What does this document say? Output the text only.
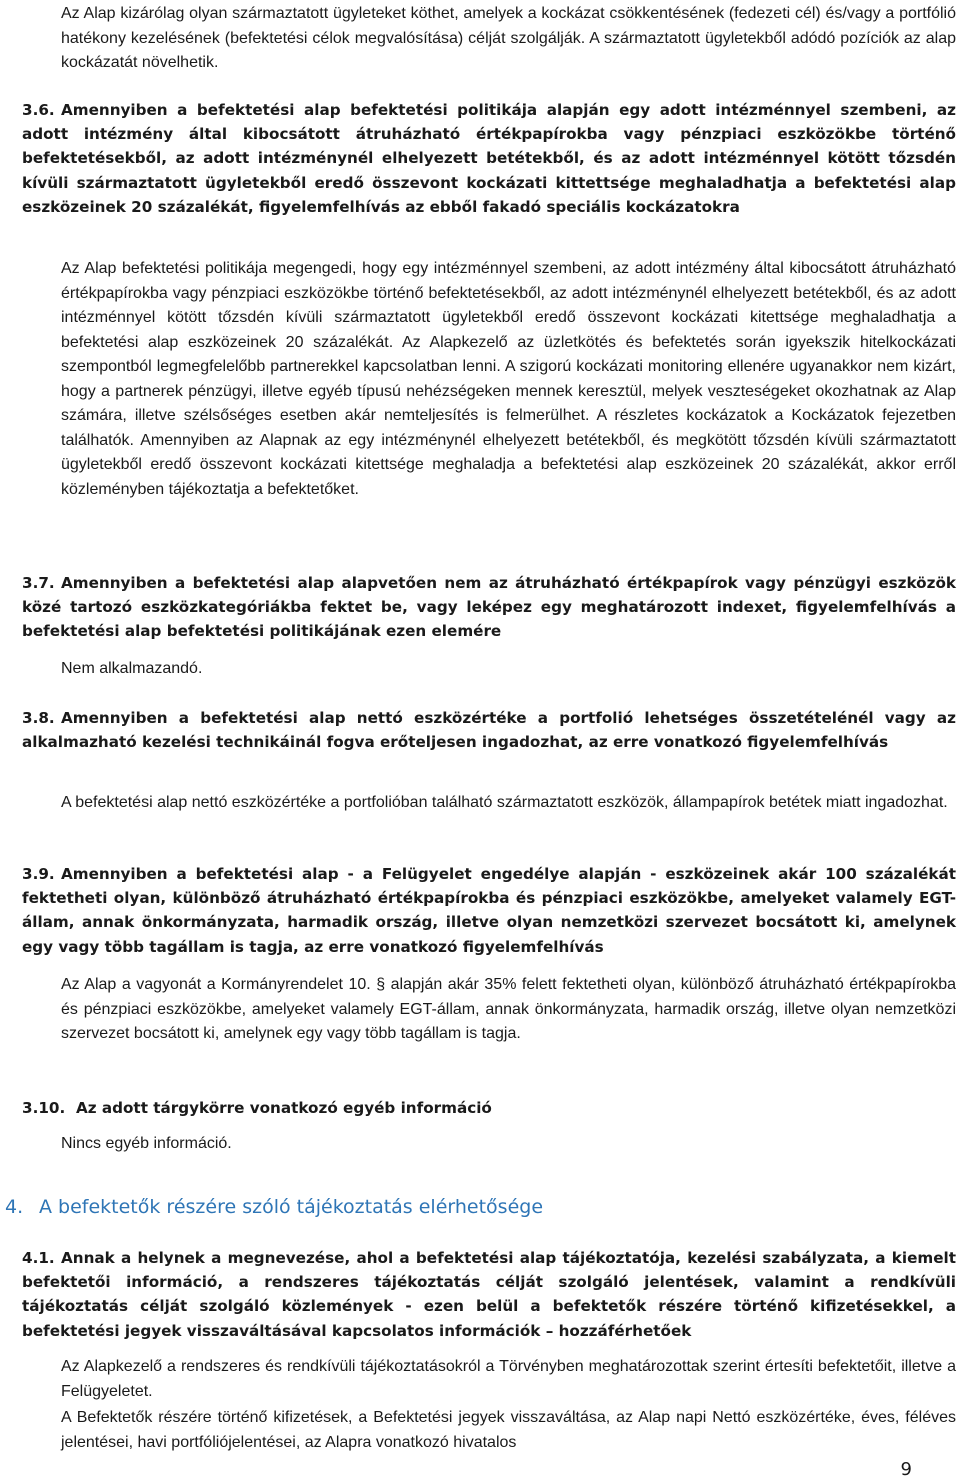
Az Alap kizárólag olyan származtatott ügyleteket köthet, amelyek a kockázat csökkentésének (fedezeti cél) és/vagy a portfólió hatékony kezelésének (befektetési célok megvalósítása) célját szolgálják. A származtatott ügyletekből adódó pozíciók az alap kockázatát növelhetik.

3.6. Amennyiben a befektetési alap befektetési politikája alapján egy adott intézménnyel szembeni, az adott intézmény által kibocsátott átruházható értékpapírokba vagy pénzpiaci eszközökbe történő befektetésekből, az adott intézménynél elhelyezett betétekből, és az adott intézménnyel kötött tőzsdén kívüli származtatott ügyletekből eredő összevont kockázati kittettsége meghaladhatja a befektetési alap eszközeinek 20 százalékát, figyelemfelhívás az ebből fakadó speciális kockázatokra

Az Alap befektetési politikája megengedi, hogy egy intézménnyel szembeni, az adott intézmény által kibocsátott átruházható értékpapírokba vagy pénzpiaci eszközökbe történő befektetésekből, az adott intézménynél elhelyezett betétekből, és az adott intézménnyel kötött tőzsdén kívüli származtatott ügyletekből eredő összevont kockázati kitettsége meghaladhatja a befektetési alap eszközeinek 20 százalékát. Az Alapkezelő az üzletkötés és befektetés során igyekszik hitelkockázati szempontból legmegfelelőbb partnerekkel kapcsolatban lenni. A szigorú kockázati monitoring ellenére ugyanakkor nem kizárt, hogy a partnerek pénzügyi, illetve egyéb típusú nehézségeken mennek keresztül, melyek veszteségeket okozhatnak az Alap számára, illetve szélsőséges esetben akár nemteljesítés is felmerülhet. A részletes kockázatok a Kockázatok fejezetben találhatók. Amennyiben az Alapnak az egy intézménynél elhelyezett betétekből, és megkötött tőzsdén kívüli származtatott ügyletekből eredő összevont kockázati kitettsége meghaladja a befektetési alap eszközeinek 20 százalékát, akkor erről közleményben tájékoztatja a befektetőket.

3.7. Amennyiben a befektetési alap alapvetően nem az átruházható értékpapírok vagy pénzügyi eszközök közé tartozó eszközkategóriákba fektet be, vagy leképez egy meghatározott indexet, figyelemfelhívás a befektetési alap befektetési politikájának ezen elemére

Nem alkalmazandó.

3.8. Amennyiben a befektetési alap nettó eszközértéke a portfolió lehetséges összetételénél vagy az alkalmazható kezelési technikáinál fogva erőteljesen ingadozhat, az erre vonatkozó figyelemfelhívás

A befektetési alap nettó eszközértéke a portfolióban található származtatott eszközök, állampapírok betétek miatt ingadozhat.

3.9. Amennyiben a befektetési alap - a Felügyelet engedélye alapján - eszközeinek akár 100 százalékát fektetheti olyan, különböző átruházható értékpapírokba és pénzpiaci eszközökbe, amelyeket valamely EGT-állam, annak önkormányzata, harmadik ország, illetve olyan nemzetközi szervezet bocsátott ki, amelynek egy vagy több tagállam is tagja, az erre vonatkozó figyelemfelhívás

Az Alap a vagyonát a Kormányrendelet 10. § alapján akár 35% felett fektetheti olyan, különböző átruházható értékpapírokba és pénzpiaci eszközökbe, amelyeket valamely EGT-állam, annak önkormányzata, harmadik ország, illetve olyan nemzetközi szervezet bocsátott ki, amelynek egy vagy több tagállam is tagja.

3.10. Az adott tárgykörre vonatkozó egyéb információ

Nincs egyéb információ.

4. A befektetők részére szóló tájékoztatás elérhetősége
4.1. Annak a helynek a megnevezése, ahol a befektetési alap tájékoztatója, kezelési szabályzata, a kiemelt befektetői információ, a rendszeres tájékoztatás célját szolgáló jelentések, valamint a rendkívüli tájékoztatás célját szolgáló közlemények - ezen belül a befektetők részére történő kifizetésekkel, a befektetési jegyek visszaváltásával kapcsolatos információk – hozzáférhetőek

Az Alapkezelő a rendszeres és rendkívüli tájékoztatásokról a Törvényben meghatározottak szerint értesíti befektetőit, illetve a Felügyeletet.

A Befektetők részére történő kifizetések, a Befektetési jegyek visszaváltása, az Alap napi Nettó eszközértéke, éves, féléves jelentései, havi portfóliójelentései, az Alapra vonatkozó hivatalos

9
